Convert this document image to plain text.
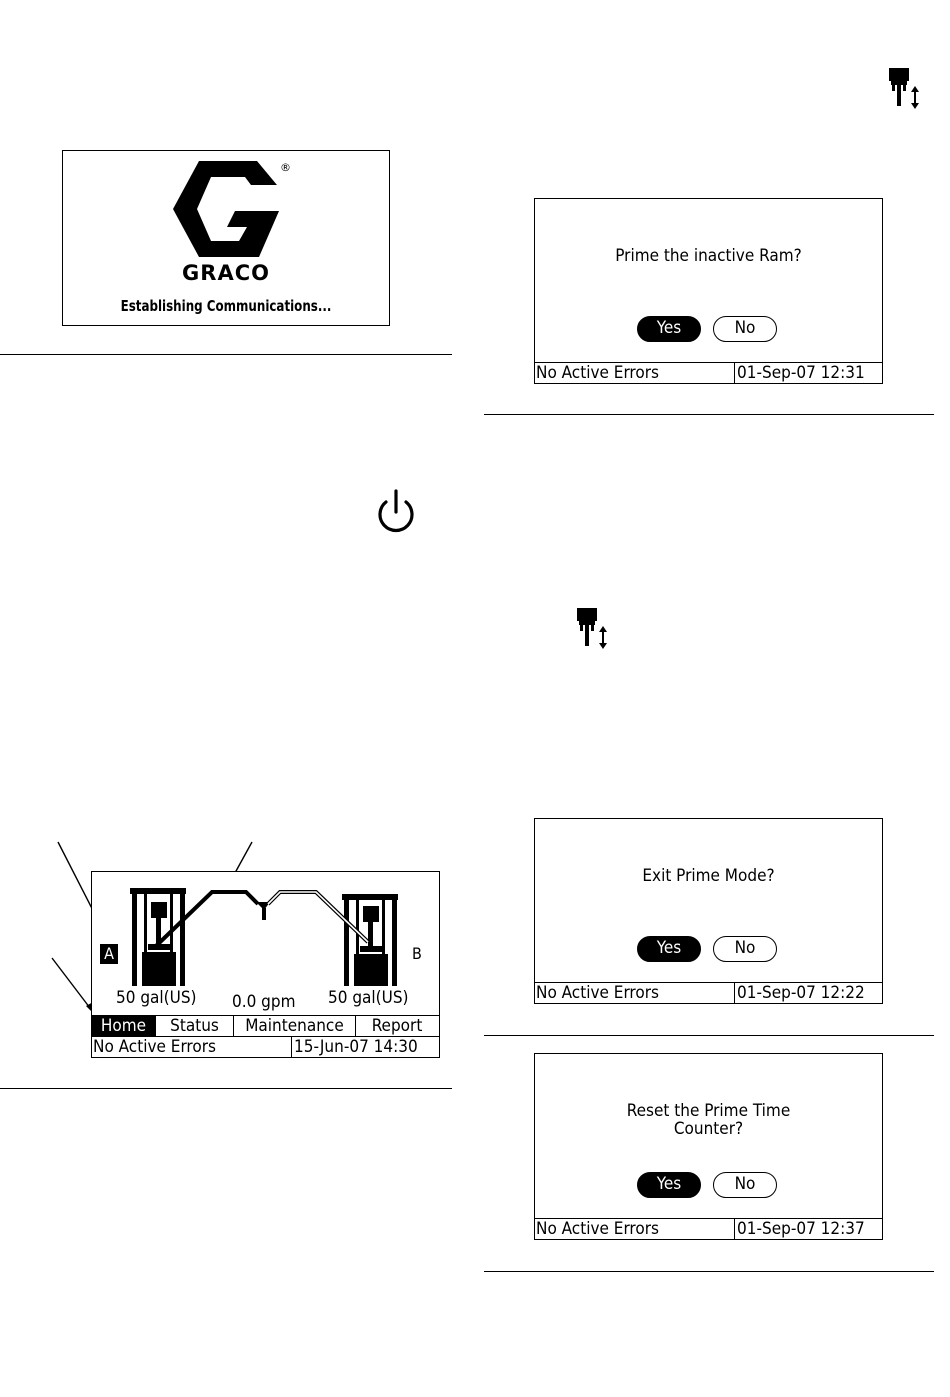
®
GRACO
Establishing Communications...
Prime the inactive Ram?
Yes	No
No Active Errors	01-Sep-07 12:31
A	B
50 gal(US) 0.0 gpm 50 gal(US)
Home	Status	Maintenance	Report
No Active Errors	15-Jun-07 14:30
Exit Prime Mode?
Yes	No
No Active Errors	01-Sep-07 12:22
Reset the Prime Time
Counter?
Yes	No
No Active Errors	01-Sep-07 12:37
